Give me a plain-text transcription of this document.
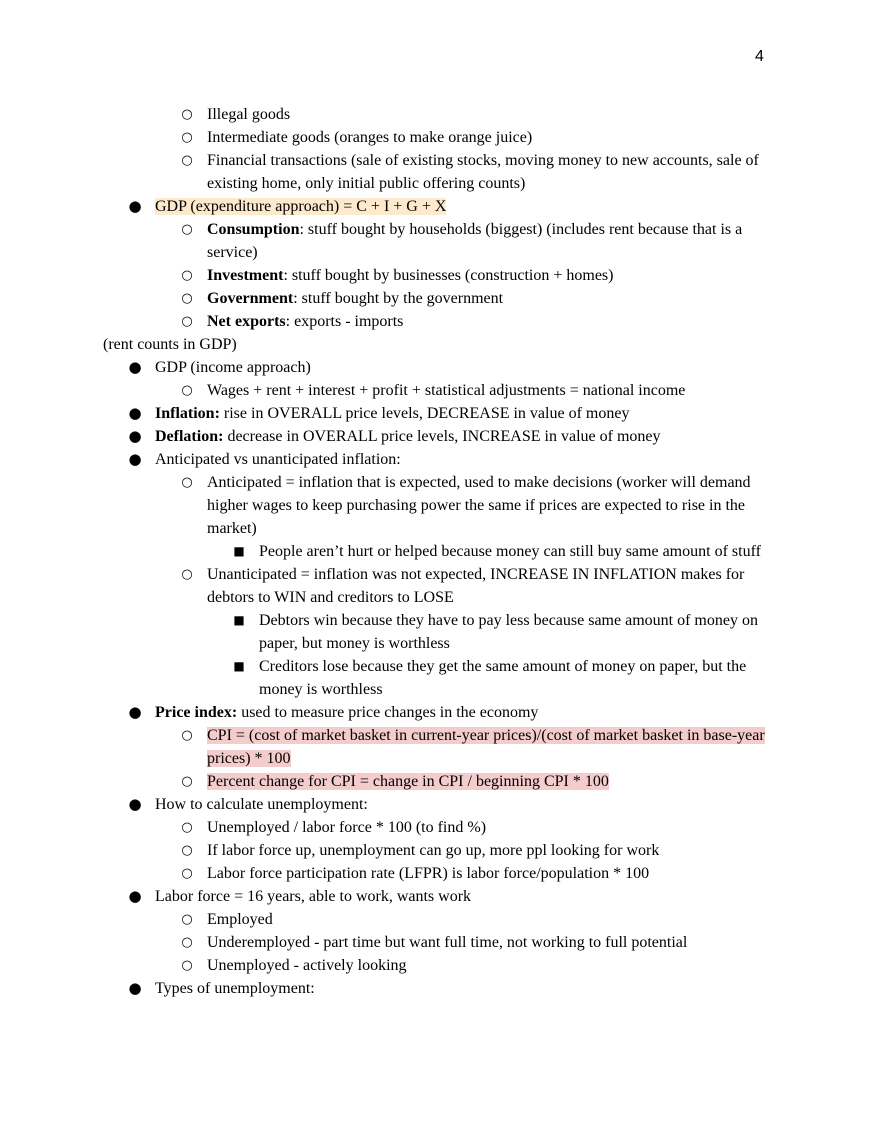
4
○ Illegal goods
○ Intermediate goods (oranges to make orange juice)
○ Financial transactions (sale of existing stocks, moving money to new accounts, sale of existing home, only initial public offering counts)
● GDP (expenditure approach) = C + I + G + X
○ Consumption: stuff bought by households (biggest) (includes rent because that is a service)
○ Investment: stuff bought by businesses (construction + homes)
○ Government: stuff bought by the government
○ Net exports: exports - imports
(rent counts in GDP)
● GDP (income approach)
○ Wages + rent + interest + profit + statistical adjustments = national income
● Inflation: rise in OVERALL price levels, DECREASE in value of money
● Deflation: decrease in OVERALL price levels, INCREASE in value of money
● Anticipated vs unanticipated inflation:
○ Anticipated = inflation that is expected, used to make decisions (worker will demand higher wages to keep purchasing power the same if prices are expected to rise in the market)
■ People aren’t hurt or helped because money can still buy same amount of stuff
○ Unanticipated = inflation was not expected, INCREASE IN INFLATION makes for debtors to WIN and creditors to LOSE
■ Debtors win because they have to pay less because same amount of money on paper, but money is worthless
■ Creditors lose because they get the same amount of money on paper, but the money is worthless
● Price index: used to measure price changes in the economy
○ CPI = (cost of market basket in current-year prices)/(cost of market basket in base-year prices) * 100
○ Percent change for CPI = change in CPI / beginning CPI * 100
● How to calculate unemployment:
○ Unemployed / labor force * 100 (to find %)
○ If labor force up, unemployment can go up, more ppl looking for work
○ Labor force participation rate (LFPR) is labor force/population * 100
● Labor force = 16 years, able to work, wants work
○ Employed
○ Underemployed - part time but want full time, not working to full potential
○ Unemployed - actively looking
● Types of unemployment:
